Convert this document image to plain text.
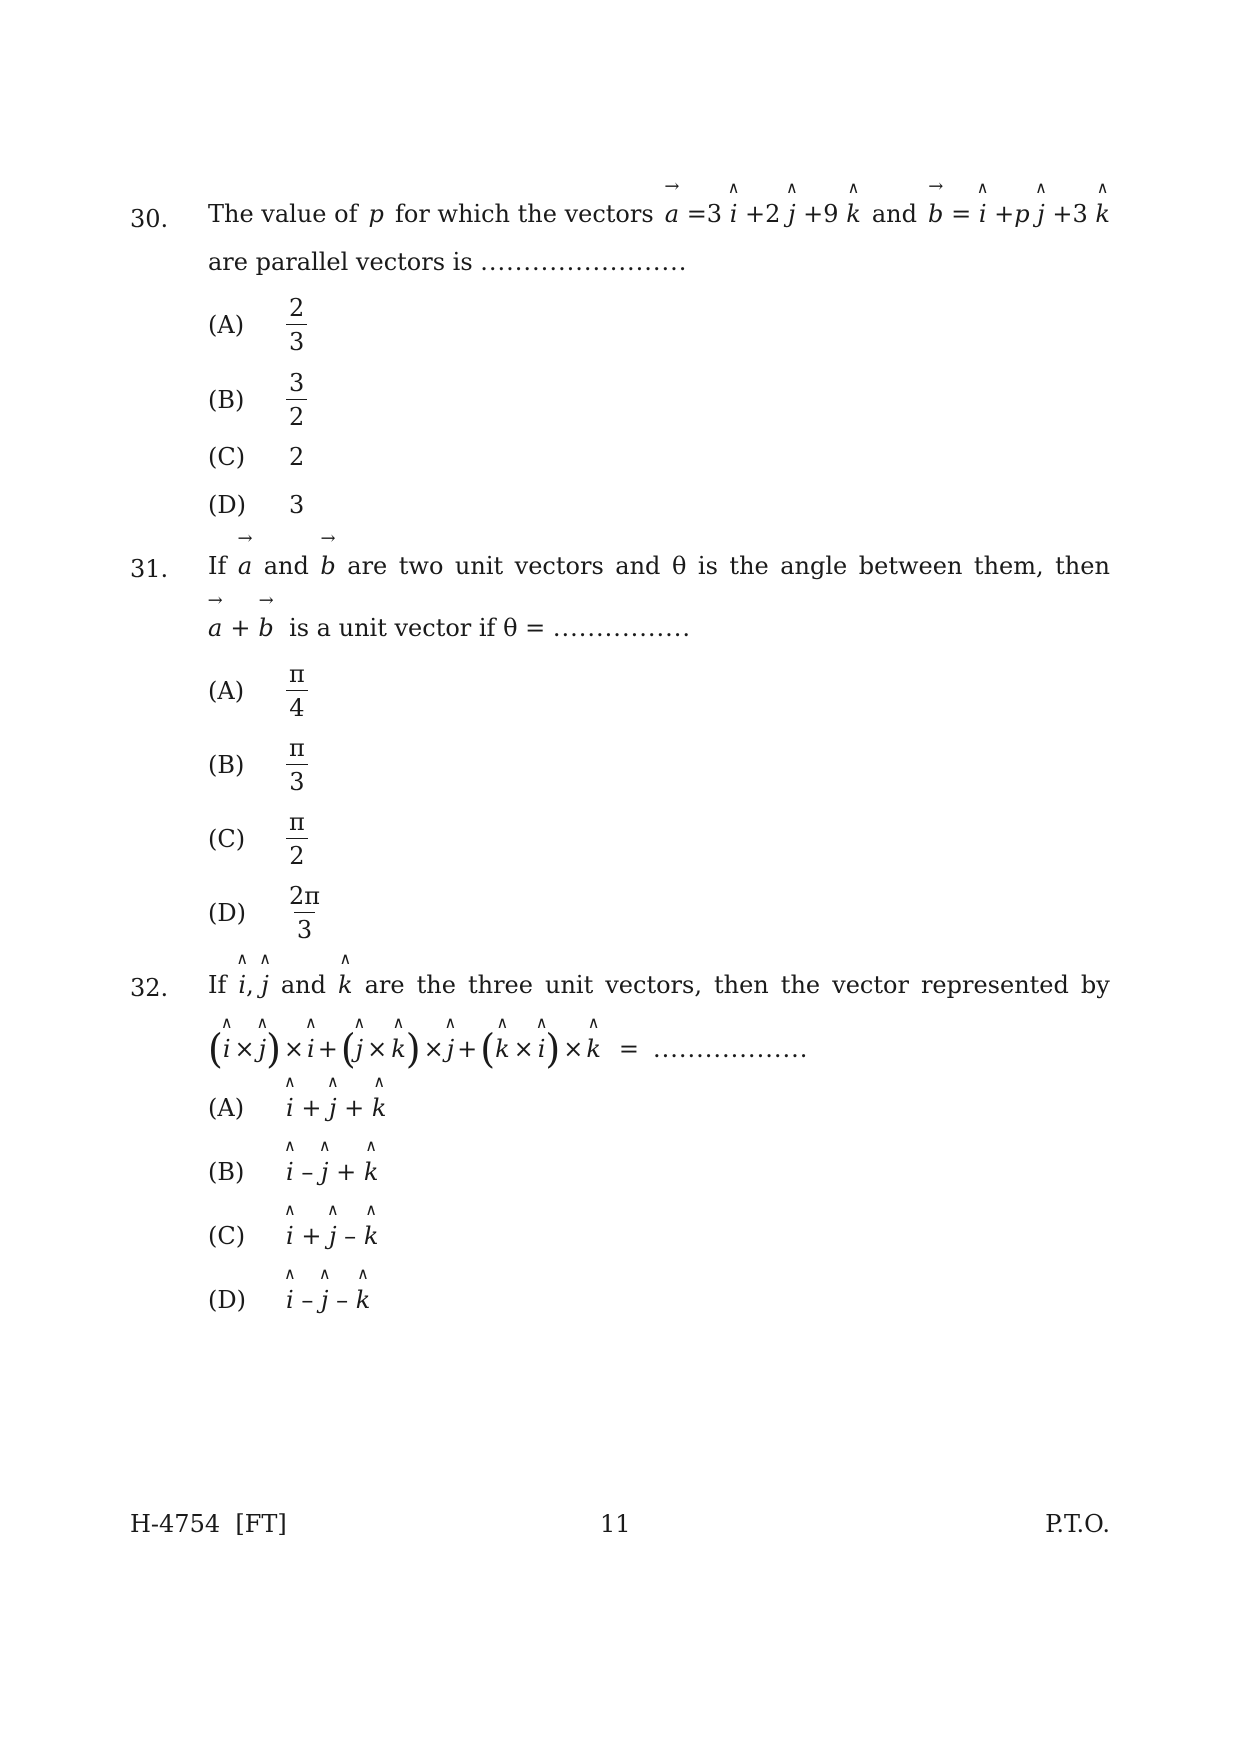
30. The value of p for which the vectors
→
a =3
∧
i +2
∧
j +9
∧
k and
→
b =
∧
i +p
∧
j +3
∧
k
are parallel vectors is
........................
(A)	$\frac{2}{3}$
(B)	$\frac{3}{2}$
(C)	2
(D)	3
31. If
→
a and
→
b are two unit vectors and θ is the angle between them, then
→
a +
→
b
is a unit vector if θ =
................
(A)	$\frac{\pi}{4}$
(B)	$\frac{\pi}{3}$
(C)	$\frac{\pi}{2}$
(D)	$\frac{2\pi}{3}$
32. If
∧
i,
∧
j and
∧
k are the three unit vectors, then the vector represented by
(
∧
i ×
∧
j ) ×
∧
i + (
∧
j ×
∧
k ) ×
∧
j + (
∧
k ×
∧
i ) ×
∧
k = ..................
(A)
∧
i +
∧
j +
∧
k
(B)
∧
i –
∧
j +
∧
k
(C)
∧
i +
∧
j –
∧
k
(D)
∧
i –
∧
j –
∧
k
H-4754  [FT]	11	P.T.O.
